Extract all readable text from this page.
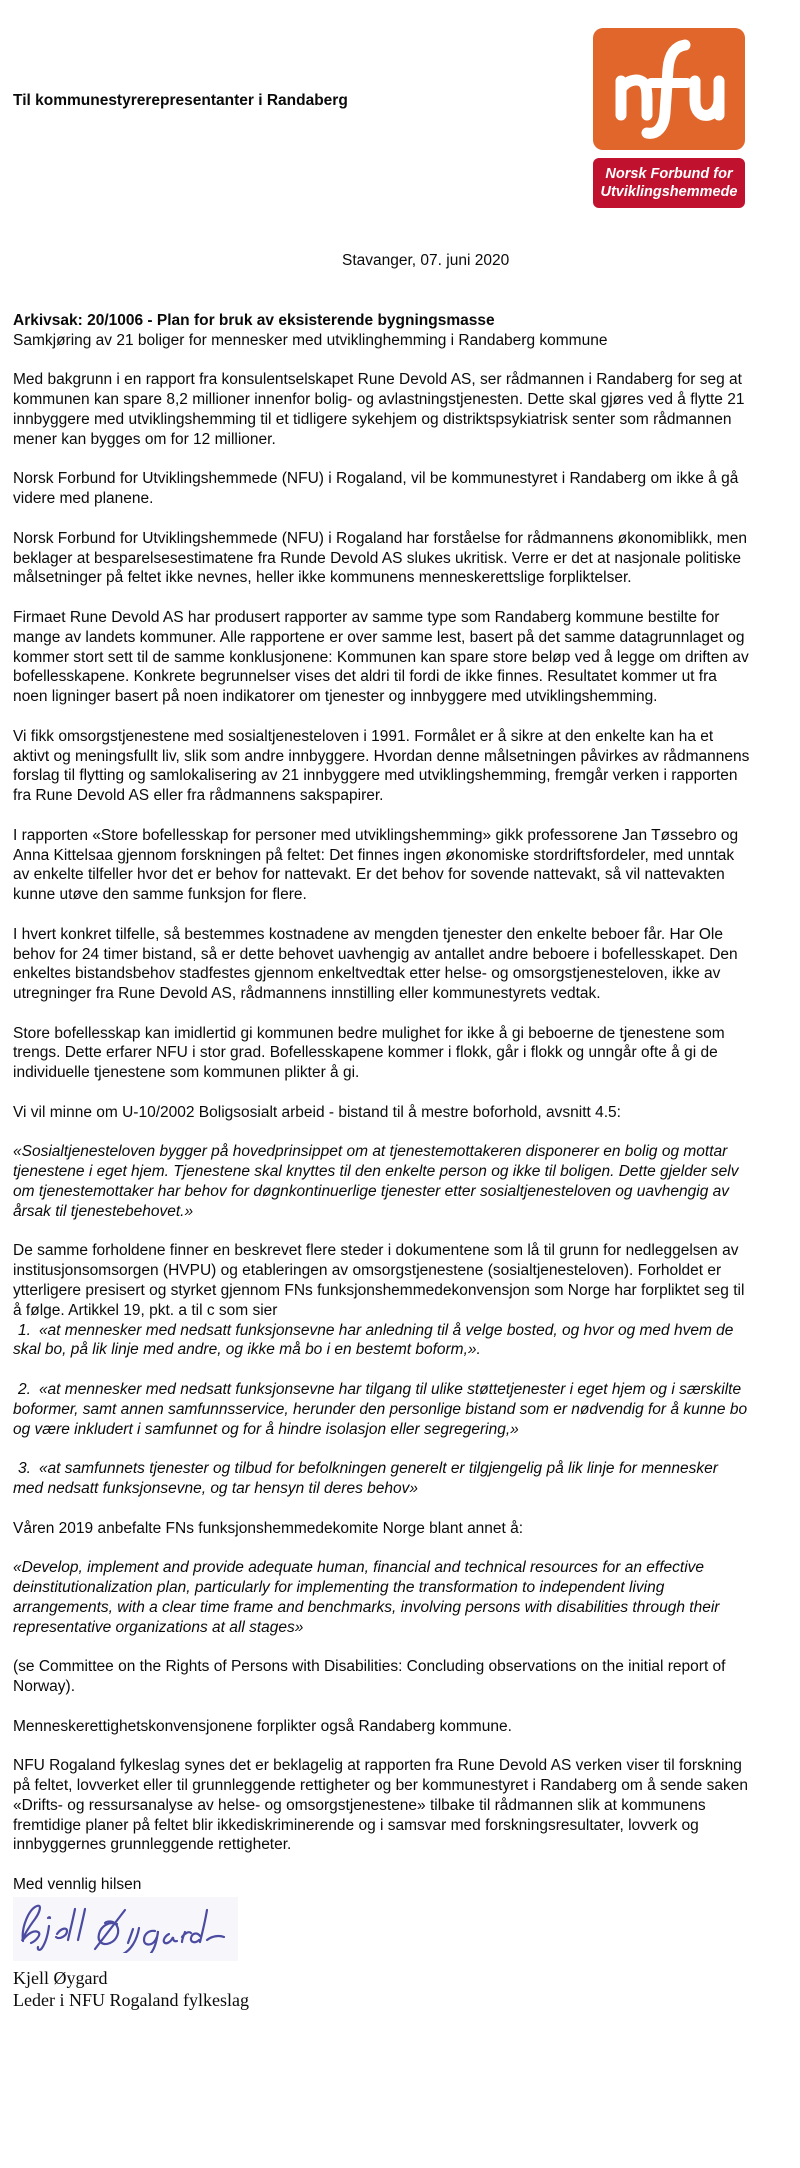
Til kommunestyrerepresentanter i Randaberg
Norsk Forbund for
Utviklingshemmede
Stavanger, 07. juni 2020

Arkivsak: 20/1006 - Plan for bruk av eksisterende bygningsmasse

Samkjøring av 21 boliger for mennesker med utviklinghemming i Randaberg kommune

Med bakgrunn i en rapport fra konsulentselskapet Rune Devold AS, ser rådmannen i Randaberg for seg at kommunen kan spare 8,2 millioner innenfor bolig- og avlastningstjenesten. Dette skal gjøres ved å flytte 21 innbyggere med utviklingshemming til et tidligere sykehjem og distriktspsykiatrisk senter som rådmannen mener kan bygges om for 12 millioner.

Norsk Forbund for Utviklingshemmede (NFU) i Rogaland, vil be kommunestyret i Randaberg om ikke å gå videre med planene.

Norsk Forbund for Utviklingshemmede (NFU) i Rogaland har forståelse for rådmannens økonomiblikk, men beklager at besparelsesestimatene fra Runde Devold AS slukes ukritisk. Verre er det at nasjonale politiske målsetninger på feltet ikke nevnes, heller ikke kommunens menneskerettslige forpliktelser.

Firmaet Rune Devold AS har produsert rapporter av samme type som Randaberg kommune bestilte for mange av landets kommuner. Alle rapportene er over samme lest, basert på det samme datagrunnlaget og kommer stort sett til de samme konklusjonene: Kommunen kan spare store beløp ved å legge om driften av bofellesskapene. Konkrete begrunnelser vises det aldri til fordi de ikke finnes. Resultatet kommer ut fra noen ligninger basert på noen indikatorer om tjenester og innbyggere med utviklingshemming.

Vi fikk omsorgstjenestene med sosialtjenesteloven i 1991. Formålet er å sikre at den enkelte kan ha et aktivt og meningsfullt liv, slik som andre innbyggere. Hvordan denne målsetningen påvirkes av rådmannens forslag til flytting og samlokalisering av 21 innbyggere med utviklingshemming, fremgår verken i rapporten fra Rune Devold AS eller fra rådmannens sakspapirer.

I rapporten «Store bofellesskap for personer med utviklingshemming» gikk professorene Jan Tøssebro og Anna Kittelsaa gjennom forskningen på feltet: Det finnes ingen økonomiske stordriftsfordeler, med unntak av enkelte tilfeller hvor det er behov for nattevakt. Er det behov for sovende nattevakt, så vil nattevakten kunne utøve den samme funksjon for flere.

I hvert konkret tilfelle, så bestemmes kostnadene av mengden tjenester den enkelte beboer får. Har Ole behov for 24 timer bistand, så er dette behovet uavhengig av antallet andre beboere i bofellesskapet. Den enkeltes bistandsbehov stadfestes gjennom enkeltvedtak etter helse- og omsorgstjenesteloven, ikke av utregninger fra Rune Devold AS, rådmannens innstilling eller kommunestyrets vedtak.

Store bofellesskap kan imidlertid gi kommunen bedre mulighet for ikke å gi beboerne de tjenestene som trengs. Dette erfarer NFU i stor grad. Bofellesskapene kommer i flokk, går i flokk og unngår ofte å gi de individuelle tjenestene som kommunen plikter å gi.

Vi vil minne om U-10/2002 Boligsosialt arbeid - bistand til å mestre boforhold, avsnitt 4.5:

«Sosialtjenesteloven bygger på hovedprinsippet om at tjenestemottakeren disponerer en bolig og mottar tjenestene i eget hjem. Tjenestene skal knyttes til den enkelte person og ikke til boligen. Dette gjelder selv om tjenestemottaker har behov for døgnkontinuerlige tjenester etter sosialtjenesteloven og uavhengig av årsak til tjenestebehovet.»

De samme forholdene finner en beskrevet flere steder i dokumentene som lå til grunn for nedleggelsen av institusjonsomsorgen (HVPU) og etableringen av omsorgstjenestene (sosialtjenesteloven). Forholdet er ytterligere presisert og styrket gjennom FNs funksjonshemmedekonvensjon som Norge har forpliktet seg til å følge. Artikkel 19, pkt. a til c som sier

1. «at mennesker med nedsatt funksjonsevne har anledning til å velge bosted, og hvor og med hvem de skal bo, på lik linje med andre, og ikke må bo i en bestemt boform,».

2. «at mennesker med nedsatt funksjonsevne har tilgang til ulike støttetjenester i eget hjem og i særskilte boformer, samt annen samfunnsservice, herunder den personlige bistand som er nødvendig for å kunne bo og være inkludert i samfunnet og for å hindre isolasjon eller segregering,»

3. «at samfunnets tjenester og tilbud for befolkningen generelt er tilgjengelig på lik linje for mennesker med nedsatt funksjonsevne, og tar hensyn til deres behov»

Våren 2019 anbefalte FNs funksjonshemmedekomite Norge blant annet å:

«Develop, implement and provide adequate human, financial and technical resources for an effective deinstitutionalization plan, particularly for implementing the transformation to independent living arrangements, with a clear time frame and benchmarks, involving persons with disabilities through their representative organizations at all stages»

(se Committee on the Rights of Persons with Disabilities: Concluding observations on the initial report of Norway).

Menneskerettighetskonvensjonene forplikter også Randaberg kommune.

NFU Rogaland fylkeslag synes det er beklagelig at rapporten fra Rune Devold AS verken viser til forskning på feltet, lovverket eller til grunnleggende rettigheter og ber kommunestyret i Randaberg om å sende saken «Drifts- og ressursanalyse av helse- og omsorgstjenestene» tilbake til rådmannen slik at kommunens fremtidige planer på feltet blir ikkediskriminerende og i samsvar med forskningsresultater, lovverk og innbyggernes grunnleggende rettigheter.

Med vennlig hilsen

Kjell Øygard
Leder i NFU Rogaland fylkeslag
